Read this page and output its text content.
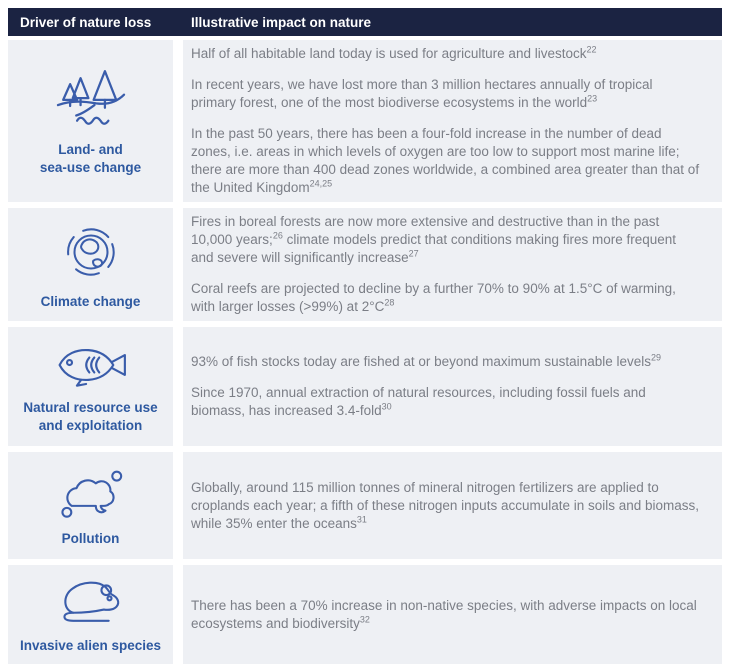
Driver of nature loss	Illustrative impact on nature
Land- and
sea-use change

Half of all habitable land today is used for agriculture and livestock$^{22}$

In recent years, we have lost more than 3 million hectares annually of tropical primary forest, one of the most biodiverse ecosystems in the world$^{23}$

In the past 50 years, there has been a four-fold increase in the number of dead zones, i.e. areas in which levels of oxygen are too low to support most marine life; there are more than 400 dead zones worldwide, a combined area greater than that of the United Kingdom$^{24,25}$

Climate change

Fires in boreal forests are now more extensive and destructive than in the past 10,000 years;$^{26}$ climate models predict that conditions making fires more frequent and severe will significantly increase$^{27}$

Coral reefs are projected to decline by a further 70% to 90% at 1.5°C of warming, with larger losses (>99%) at $2^\circ C^{28}$

Natural resource use
and exploitation

93% of fish stocks today are fished at or beyond maximum sustainable levels$^{29}$

Since 1970, annual extraction of natural resources, including fossil fuels and biomass, has increased 3.4-fold$^{30}$

Pollution

Globally, around 115 million tonnes of mineral nitrogen fertilizers are applied to croplands each year; a fifth of these nitrogen inputs accumulate in soils and biomass, while 35% enter the oceans$^{31}$

Invasive alien species

There has been a 70% increase in non-native species, with adverse impacts on local ecosystems and biodiversity$^{32}$
